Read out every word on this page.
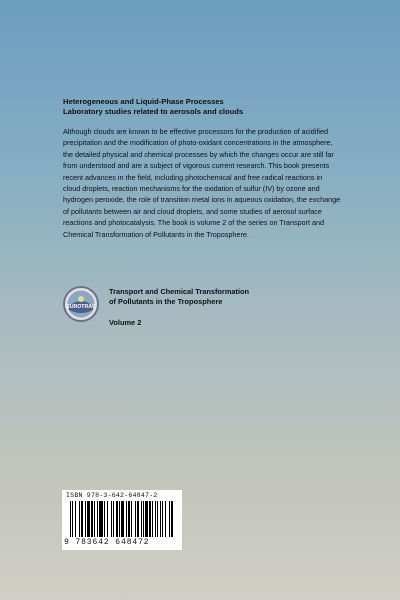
Heterogeneous and Liquid-Phase Processes
Laboratory studies related to aerosols and clouds
Although clouds are known to be effective processors for the production of acidified precipitation and the modification of photo-oxidant concentrations in the atmosphere, the detailed physical and chemical processes by which the changes occur are still far from understood and are a subject of vigorous current research. This book presents recent advances in the field, including photochemical and free radical reactions in cloud droplets, reaction mechanisms for the oxidation of sulfur (IV) by ozone and hydrogen peroxide, the role of transition metal ions in aqueous oxidation, the exchange of pollutants between air and cloud droplets, and some studies of aerosol surface reactions and photocatalysis. The book is volume 2 of the series on Transport and Chemical Transformation of Pollutants in the Troposphere.
EUROTRAC
Transport and Chemical Transformation
of Pollutants in the Troposphere
Volume 2
ISBN 978-3-642-64847-2
9 783642 648472
